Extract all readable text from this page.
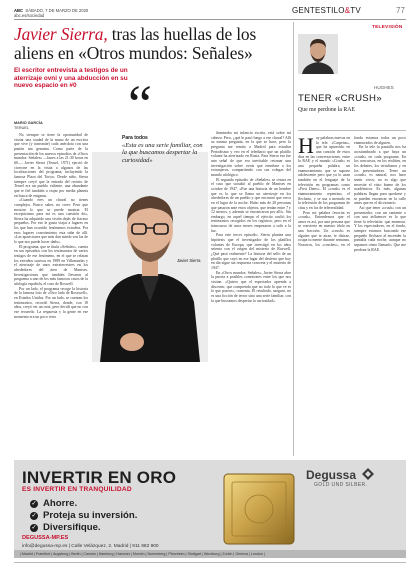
ABC SÁBADO, 7 DE MARZO DE 2020
abc.es/sociedad
GENTESTILO&TV	77
Javier Sierra, tras las huellas de los aliens en «Otros mundos: Señales»
El escritor entrevista a testigos de un aterrizaje ovni y una abducción en su nuevo espacio en #0 “
MARIO GARCÍA
TERUEL

No siempre se tiene la oportunidad de visitar una ciudad de la mano de un escritor que vive (y transmite) cada anécdota con una pasión tan genuina. Como parte de la presentación de los nuevos episodios de «Otros mundos: Señales» —lunes a las 21:30 horas en #0—, Javier Sierra (Teruel, 1971) ejerció de cicerone en la visita a algunos de las localizaciones del programa, incluyendo la famosa Plaza del Torico. Desde niño, Sierra siempre creyó que la entrada del recinto de Teruel era un pueblo valiente, una abundante que te fiel también a viajar por media planeta en busca de enigmas.

«Cuando eres un chaval no tienes complejos. Busco saber, no creer. Pero que mostrar lo que se puede mostrar. El escepticismo para mí es una cuestión de», Sierra ha adquirido una visión dejás de fracaso pequeños. Por eso le gusta viajar a lugares en los que han ocurrido fenómenos extraños. Por esos lugares conocimiento esta sabe de allí. «Las apariciones que más dan miedo son las de lo que nos puede hacer daño».

El programa, que se titula «Señales», cuenta en sus episodios con los testimonios de varios testigos de ese fenómeno, en el que se relatan los extraños sucesos en 1989 en Villamuelas y el aterrizaje de unos extraterrestres en los alrededores del área de Manises. Investigaciones que también llevaron al programa a uno de los más famosos casos de la ufología española, el caso de Roswell.

Por un lado, el programa recoge la historia de la famosa foto de «Otro lado de Rosswell», en Estados Unidos. Por un lado, se cuentan los testimonios, recordó Sierra, donde, con 18 años, creyó ver un ovni, pero decidí que no con ese recuerdo. La respuesta y la gente en ese momento era un poco retro

Para todos
«Esta es una serie familiar, con la que buscamos despertar la curiosidad»
Javier Sierra

iluminaba mi infancia escrita, está sobre mi cabeza. Pero, ¿qué le pasó luego a ese chaval? Allí su misma pregunta, en la que se hace, pero la pregunta me remito a Madrid para estudiar Periodismo y veo en el telediario que un platillo volante ha aterrizado en Rusia. Para Sierra esa fue una señal de que era inevitable retomar una investigación sobre ovnis que enseñase a los extranjeros, compartiendo con sus colegas del mundo ufológico.

El segundo episodio de «Señales» se centra en el caso que sacudió al pueblo de Manises en octubre de 1947. «Fue una historia de un hombre que es lo que se llama un aterrizaje en los alrededores de un pueblo y que encontró que cerca en el lugar de la noche. Hubo más de 20 personas que pasaron ante estos objetos, que tenían entre 7 y 12 metros, y además se encontraron por allí». Sin embargo, en aquel tiempo el ejército ocultó los testimonios recogidos en los registros, pero en el transcurso de unos meses empezaron a salir a la luz.

Para este tercer episodio, Sierra plantea una hipótesis que el investigador de los platillos volantes de Europa, que investigó en los años setenta con el origen del misterio de Roswell. ¿Qué pasó realmente? La historia del sello de un platillo que cayó en ese lugar del desierto que hoy en día sigue sin respuesta concreta y el misterio de 1947.

En «Otros mundos: Señales», Javier Sierra abre la puerta a posibles conexiones entre los que nos visitan. «Quiero que el espectador aprenda a discernir, que comprenda que no todo lo que ve es lo que parece», comenta. El resultado, asegura, no es una ficción de terror sino una serie familiar, con la que buscamos despertar la curiosidad».

TELEVISIÓN
HUGHES
TENER «CRUSH»
Que me perdone la RAE

Hay palabras nuevas en la tele. «Carpetas», que ha aparecido en una canción de estos días en las conversaciones, entre la RAE y el mundo «Crush» es una pequeña palabra, un enamoramiento que se supone adolescente pero que ya lo usan también en el lenguaje de la televisión en programas como «First Dates». El «crush» es el enamoramiento repentino, el flechazo, y se usa a menudo en la televisión de los programas de citas y en los de telerrealidad.

Pero mi palabra favorita es «crush». Entendemos que el amor es así, por una persona que se convierte en nuestro ídolo en una fracción. Un «crush» es alguien que te atrae, te distrae, ocupa tu mente durante semanas. Nosotros, los «crushes», en el fondo estamos todos un poco enamorados de alguien.

En la tele la pantalla nos ha acostumbrado a que haya un «crush» en cada programa. En los concursos, en los realities, en los debates, los tertulianos y en los presentadores. Tener un «crush» es natural, nos hace sentir vivos; no es algo que necesite el visto bueno de los académicos. Es más, algunas palabras llegan para quedarse y se pueden encontrar en la calle antes que en el diccionario.

Así que tener «crush» con un presentador, con un cantante o con una influencer es lo que tiene la televisión: que enamora. Y los espectadores, en el fondo, siempre estamos buscando ese pequeño flechazo al encender la pantalla cada noche, aunque no sepamos cómo llamarlo. Que me perdone la RAE.

INVERTIR EN ORO
ES INVERTIR EN TRANQUILIDAD
✓ Ahorre.
✓ Proteja su inversión.
✓ Diversifique.
DEGUSSA-MP.ES
info@degussa-mp.es | Calle Velázquez, 2. Madrid | 911 982 900
Degussa
GOLD UND SILBER.
| Madrid | Frankfurt | Augsburg | Berlin | Cannes | Hamburg | Hanover | Munich | Nuremberg | Pforzheim | Stuttgart | Wurzburg | Zurich | Geneva | London |
